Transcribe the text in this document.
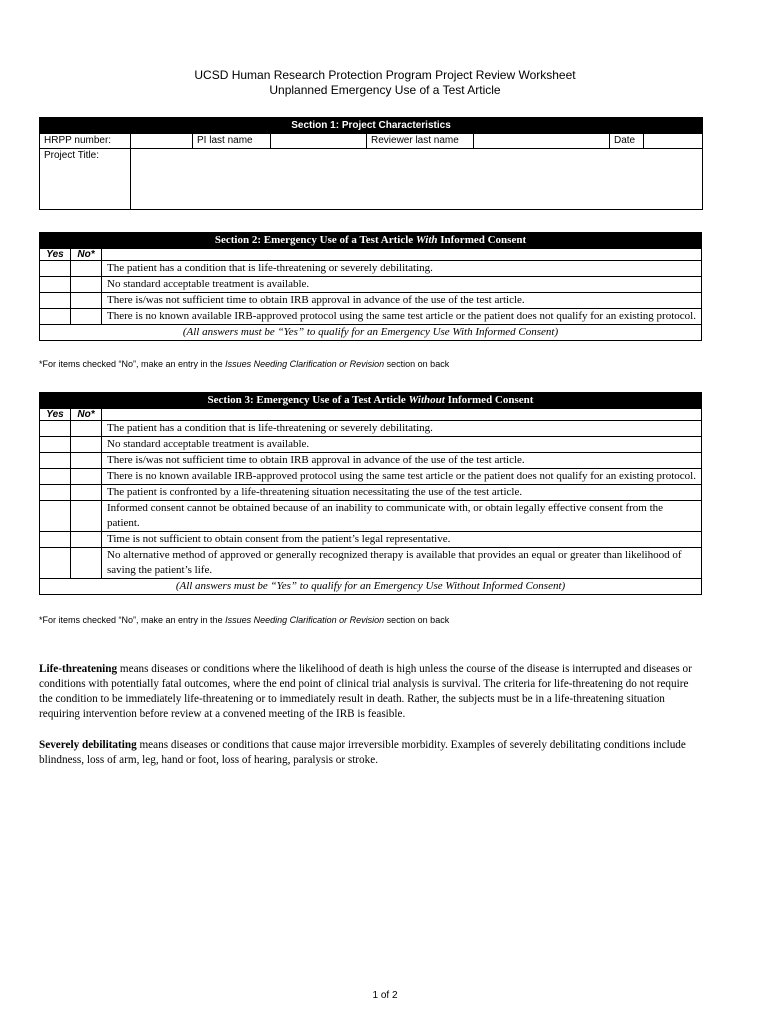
UCSD Human Research Protection Program Project Review Worksheet
Unplanned Emergency Use of a Test Article
Section 1: Project Characteristics							
HRPP number:		PI last name		Reviewer last name		Date	
Project Title:							
Section 2: Emergency Use of a Test Article With Informed Consent		
Yes	No*	
		The patient has a condition that is life-threatening or severely debilitating.
		No standard acceptable treatment is available.
		There is/was not sufficient time to obtain IRB approval in advance of the use of the test article.
		There is no known available IRB-approved protocol using the same test article or the patient does not qualify for an existing protocol.
(All answers must be “Yes” to qualify for an Emergency Use With Informed Consent)		
*For items checked “No”, make an entry in the Issues Needing Clarification or Revision section on back
Section 3: Emergency Use of a Test Article Without Informed Consent		
Yes	No*	
		The patient has a condition that is life-threatening or severely debilitating.
		No standard acceptable treatment is available.
		There is/was not sufficient time to obtain IRB approval in advance of the use of the test article.
		There is no known available IRB-approved protocol using the same test article or the patient does not qualify for an existing protocol.
		The patient is confronted by a life-threatening situation necessitating the use of the test article.
		Informed consent cannot be obtained because of an inability to communicate with, or obtain legally effective consent from the patient.
		Time is not sufficient to obtain consent from the patient’s legal representative.
		No alternative method of approved or generally recognized therapy is available that provides an equal or greater than likelihood of saving the patient’s life.
(All answers must be “Yes” to qualify for an Emergency Use Without Informed Consent)		
*For items checked “No”, make an entry in the Issues Needing Clarification or Revision section on back

Life-threatening means diseases or conditions where the likelihood of death is high unless the course of the disease is interrupted and diseases or conditions with potentially fatal outcomes, where the end point of clinical trial analysis is survival. The criteria for life-threatening do not require the condition to be immediately life-threatening or to immediately result in death. Rather, the subjects must be in a life-threatening situation requiring intervention before review at a convened meeting of the IRB is feasible.

Severely debilitating means diseases or conditions that cause major irreversible morbidity. Examples of severely debilitating conditions include blindness, loss of arm, leg, hand or foot, loss of hearing, paralysis or stroke.

1 of 2
